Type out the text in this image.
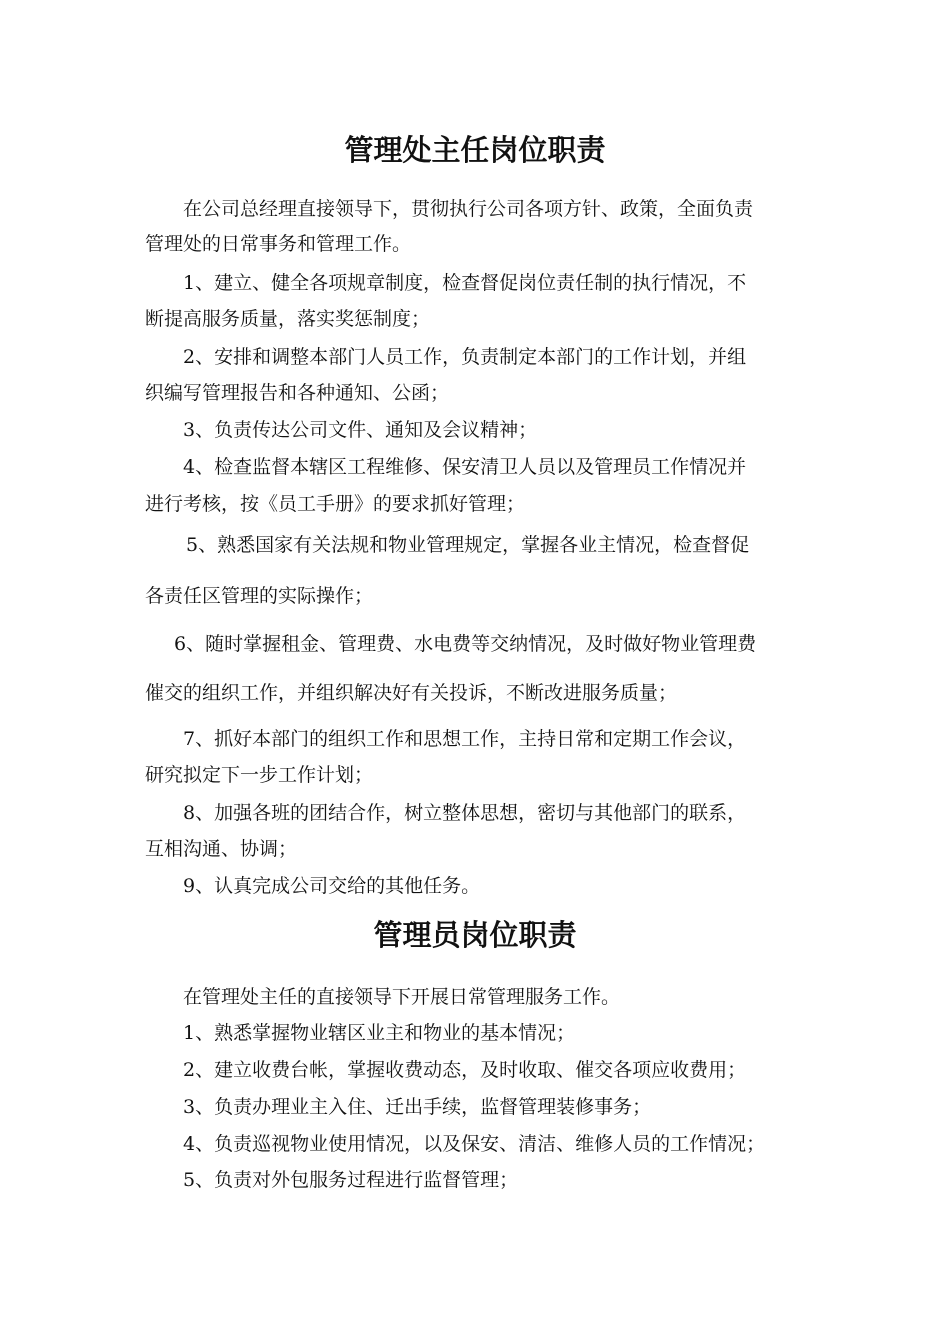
管理处主任岗位职责

在公司总经理直接领导下，贯彻执行公司各项方针、政策，全面负责

管理处的日常事务和管理工作。

1、建立、健全各项规章制度，检查督促岗位责任制的执行情况，不

断提高服务质量，落实奖惩制度；

2、安排和调整本部门人员工作，负责制定本部门的工作计划，并组

织编写管理报告和各种通知、公函；

3、负责传达公司文件、通知及会议精神；

4、检查监督本辖区工程维修、保安清卫人员以及管理员工作情况并

进行考核，按《员工手册》的要求抓好管理；

5、熟悉国家有关法规和物业管理规定，掌握各业主情况，检查督促

各责任区管理的实际操作；

6、随时掌握租金、管理费、水电费等交纳情况，及时做好物业管理费

催交的组织工作，并组织解决好有关投诉，不断改进服务质量；

7、抓好本部门的组织工作和思想工作，主持日常和定期工作会议，

研究拟定下一步工作计划；

8、加强各班的团结合作，树立整体思想，密切与其他部门的联系，

互相沟通、协调；

9、认真完成公司交给的其他任务。

管理员岗位职责

在管理处主任的直接领导下开展日常管理服务工作。

1、熟悉掌握物业辖区业主和物业的基本情况；

2、建立收费台帐，掌握收费动态，及时收取、催交各项应收费用；

3、负责办理业主入住、迁出手续，监督管理装修事务；

4、负责巡视物业使用情况，以及保安、清洁、维修人员的工作情况；

5、负责对外包服务过程进行监督管理；
